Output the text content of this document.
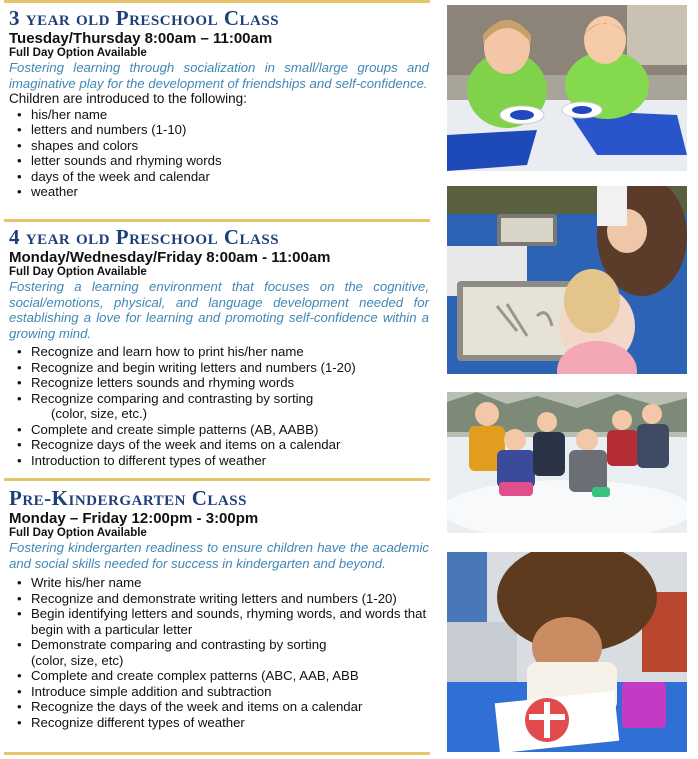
3 year old Preschool Class
Tuesday/Thursday 8:00am – 11:00am
Full Day Option Available
Fostering learning through socialization in small/large groups and imaginative play for the development of friendships and self-confidence.
Children are introduced to the following:
• his/her name
• letters and numbers (1-10)
• shapes and colors
• letter sounds and rhyming words
• days of the week and calendar
• weather
4 year old Preschool Class
Monday/Wednesday/Friday 8:00am - 11:00am
Full Day Option Available
Fostering a learning environment that focuses on the cognitive, social/emotions, physical, and language development needed for establishing a love for learning and promoting self-confidence within a growing mind.
• Recognize and learn how to print his/her name
• Recognize and begin writing letters and numbers (1-20)
• Recognize letters sounds and rhyming words
• Recognize comparing and contrasting by sorting
(color, size, etc.)
• Complete and create simple patterns (AB, AABB)
• Recognize days of the week and items on a calendar
• Introduction to different types of weather
Pre-Kindergarten Class
Monday – Friday 12:00pm - 3:00pm
Full Day Option Available
Fostering kindergarten readiness to ensure children have the academic and social skills needed for success in kindergarten and beyond.
• Write his/her name
• Recognize and demonstrate writing letters and numbers (1-20)
• Begin identifying letters and sounds, rhyming words, and words that begin with a particular letter
• Demonstrate comparing and contrasting by sorting
(color, size, etc)
• Complete and create complex patterns (ABC, AAB, ABB
• Introduce simple addition and subtraction
• Recognize the days of the week and items on a calendar
• Recognize different types of weather
